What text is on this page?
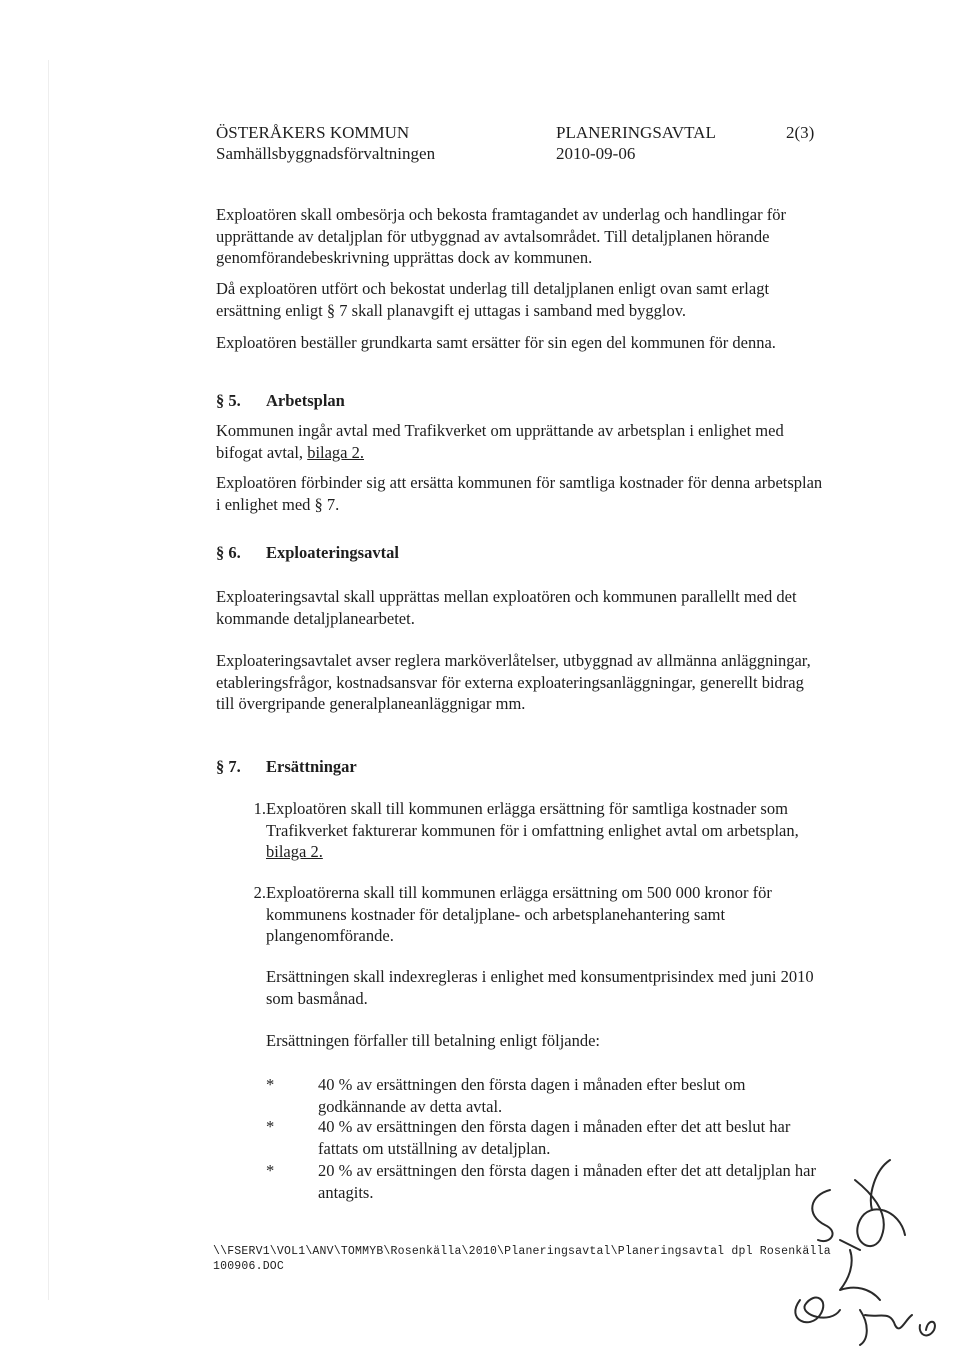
ÖSTERÅKERS KOMMUN
Samhällsbyggnadsförvaltningen
PLANERINGSAVTAL
2010-09-06
2(3)

Exploatören skall ombesörja och bekosta framtagandet av underlag och handlingar för upprättande av detaljplan för utbyggnad av avtalsområdet. Till detaljplanen hörande genomförandebeskrivning upprättas dock av kommunen.

Då exploatören utfört och bekostat underlag till detaljplanen enligt ovan samt erlagt ersättning enligt § 7 skall planavgift ej uttagas i samband med bygglov.

Exploatören beställer grundkarta samt ersätter för sin egen del kommunen för denna.

§ 5. Arbetsplan

Kommunen ingår avtal med Trafikverket om upprättande av arbetsplan i enlighet med bifogat avtal, bilaga 2.

Exploatören förbinder sig att ersätta kommunen för samtliga kostnader för denna arbetsplan i enlighet med § 7.

§ 6. Exploateringsavtal

Exploateringsavtal skall upprättas mellan exploatören och kommunen parallellt med det kommande detaljplanearbetet.

Exploateringsavtalet avser reglera marköverlåtelser, utbyggnad av allmänna anläggningar, etableringsfrågor, kostnadsansvar för externa exploateringsanläggningar, generellt bidrag till övergripande generalplaneanläggnigar mm.

§ 7. Ersättningar
1. Exploatören skall till kommunen erlägga ersättning för samtliga kostnader som Trafikverket fakturerar kommunen för i omfattning enlighet avtal om arbetsplan, bilaga 2.
2. Exploatörerna skall till kommunen erlägga ersättning om 500 000 kronor för kommunens kostnader för detaljplane- och arbetsplanehantering samt plangenomförande.

Ersättningen skall indexregleras i enlighet med konsumentprisindex med juni 2010 som basmånad.

Ersättningen förfaller till betalning enligt följande:

*	40 % av ersättningen den första dagen i månaden efter beslut om godkännande av detta avtal.
*	40 % av ersättningen den första dagen i månaden efter det att beslut har fattats om utställning av detaljplan.
*	20 % av ersättningen den första dagen i månaden efter det att detaljplan har antagits.
\\FSERV1\VOL1\ANV\TOMMYB\Rosenkälla\2010\Planeringsavtal\Planeringsavtal dpl Rosenkälla 100906.DOC
